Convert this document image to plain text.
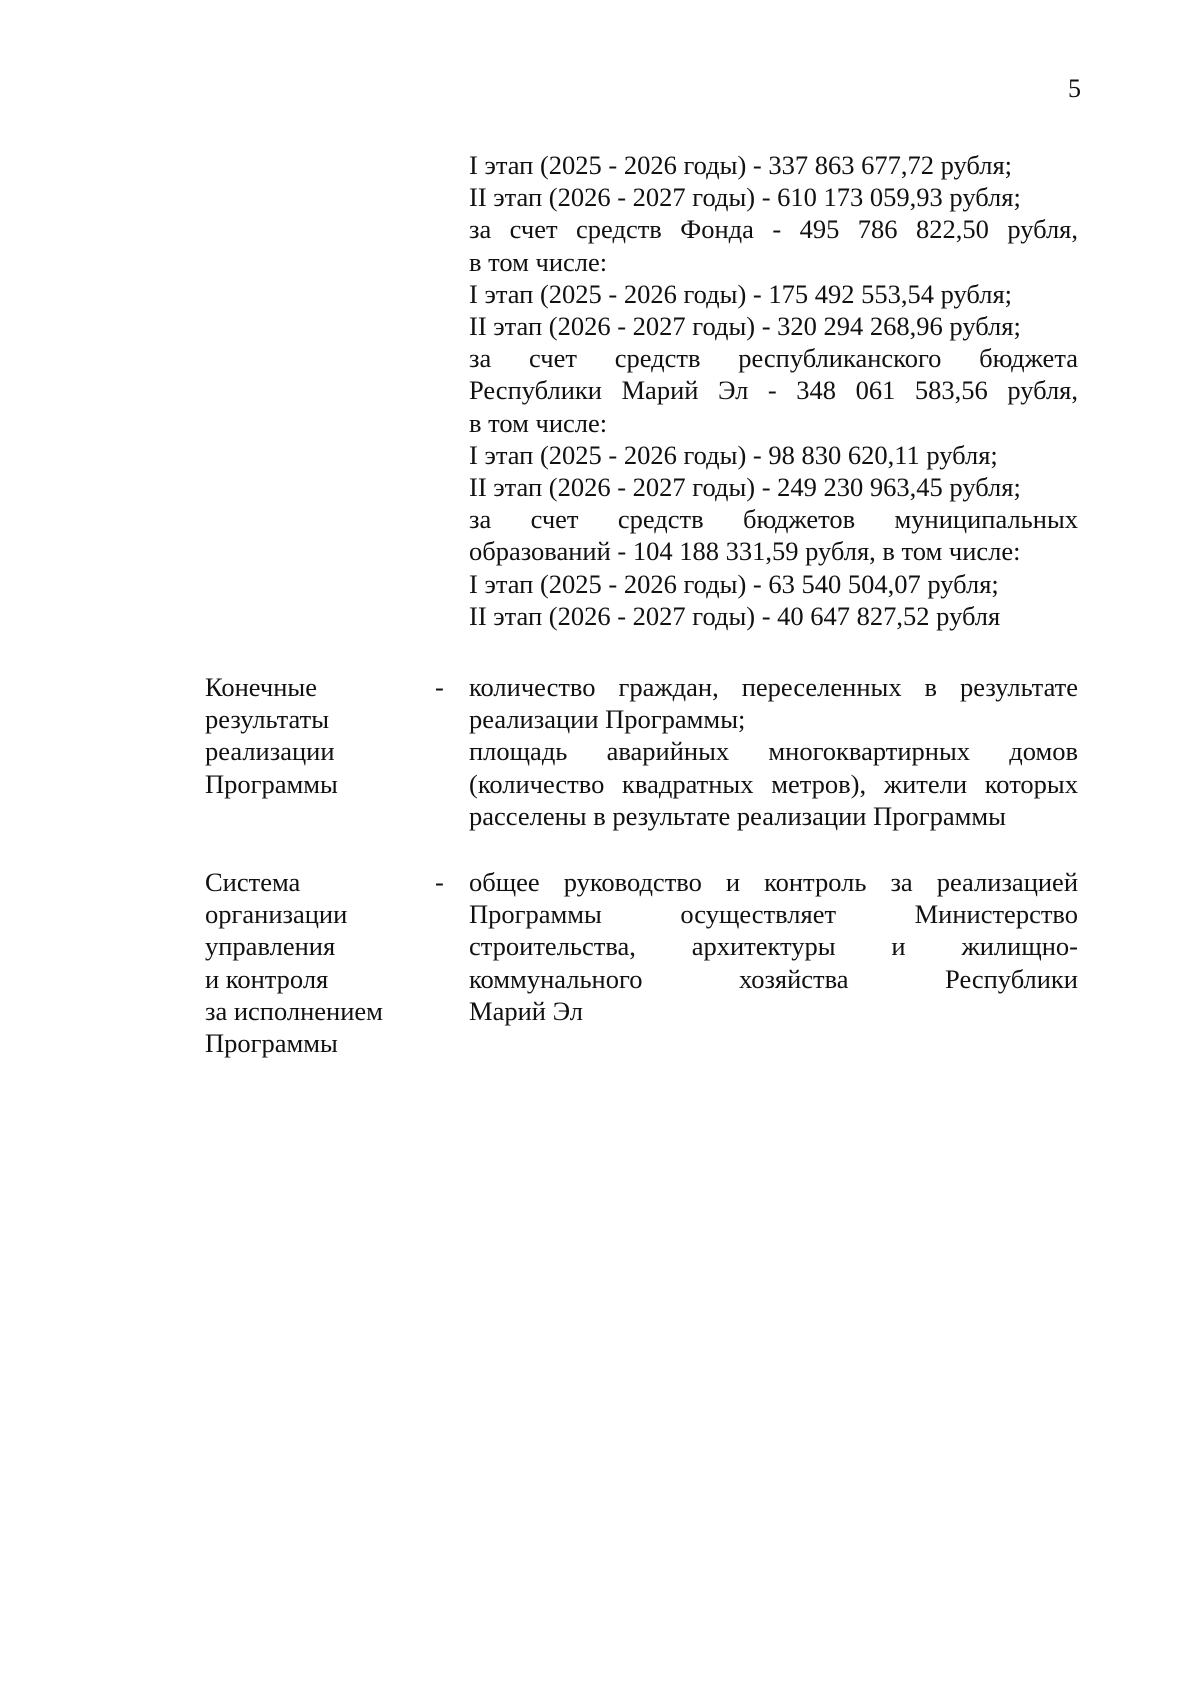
5
I этап (2025 - 2026 годы) - 337 863 677,72 рубля;
II этап (2026 - 2027 годы) - 610 173 059,93 рубля;
за счет средств Фонда - 495 786 822,50 рубля,
в том числе:
I этап (2025 - 2026 годы) - 175 492 553,54 рубля;
II этап (2026 - 2027 годы) - 320 294 268,96 рубля;
за счет средств республиканского бюджета
Республики Марий Эл - 348 061 583,56 рубля,
в том числе:
I этап (2025 - 2026 годы) - 98 830 620,11 рубля;
II этап (2026 - 2027 годы) - 249 230 963,45 рубля;
за счет средств бюджетов муниципальных
образований - 104 188 331,59 рубля, в том числе:
I этап (2025 - 2026 годы) - 63 540 504,07 рубля;
II этап (2026 - 2027 годы) - 40 647 827,52 рубля
Конечные
результаты
реализации
Программы
- количество граждан, переселенных в результате
реализации Программы;
площадь аварийных многоквартирных домов
(количество квадратных метров), жители которых
расселены в результате реализации Программы
Система
организации
управления
и контроля
за исполнением
Программы
- общее руководство и контроль за реализацией
Программы осуществляет Министерство
строительства, архитектуры и жилищно-
коммунального хозяйства Республики
Марий Эл
